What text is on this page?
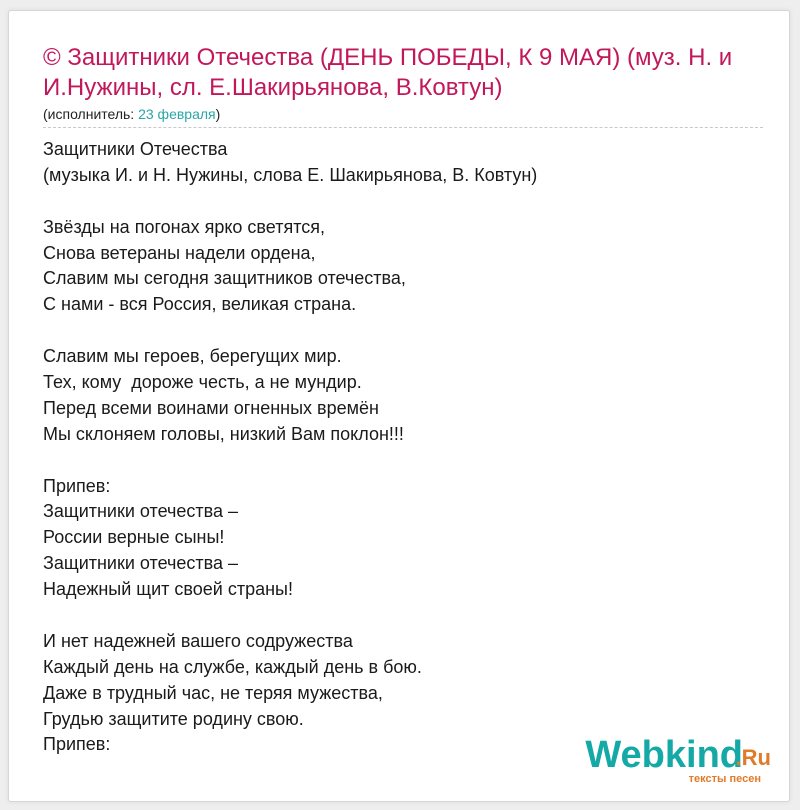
© Защитники Отечества (ДЕНЬ ПОБЕДЫ, К 9 МАЯ) (муз. Н. и И.Нужины, сл. Е.Шакирьянова, В.Ковтун)
(исполнитель: 23 февраля)
Защитники Отечества
(музыка И. и Н. Нужины, слова Е. Шакирьянова, В. Ковтун)
Звёзды на погонах ярко светятся,
Снова ветераны надели ордена,
Славим мы сегодня защитников отечества,
С нами - вся Россия, великая страна.
Славим мы героев, берегущих мир.
Тех, кому  дороже честь, а не мундир.
Перед всеми воинами огненных времён
Мы склоняем головы, низкий Вам поклон!!!
Припев:
Защитники отечества –
России верные сыны!
Защитники отечества –
Надежный щит своей страны!
И нет надежней вашего содружества
Каждый день на службе, каждый день в бою.
Даже в трудный час, не теряя мужества,
Грудью защитите родину свою.
Припев:	Webkind
.Ru
тексты песен
